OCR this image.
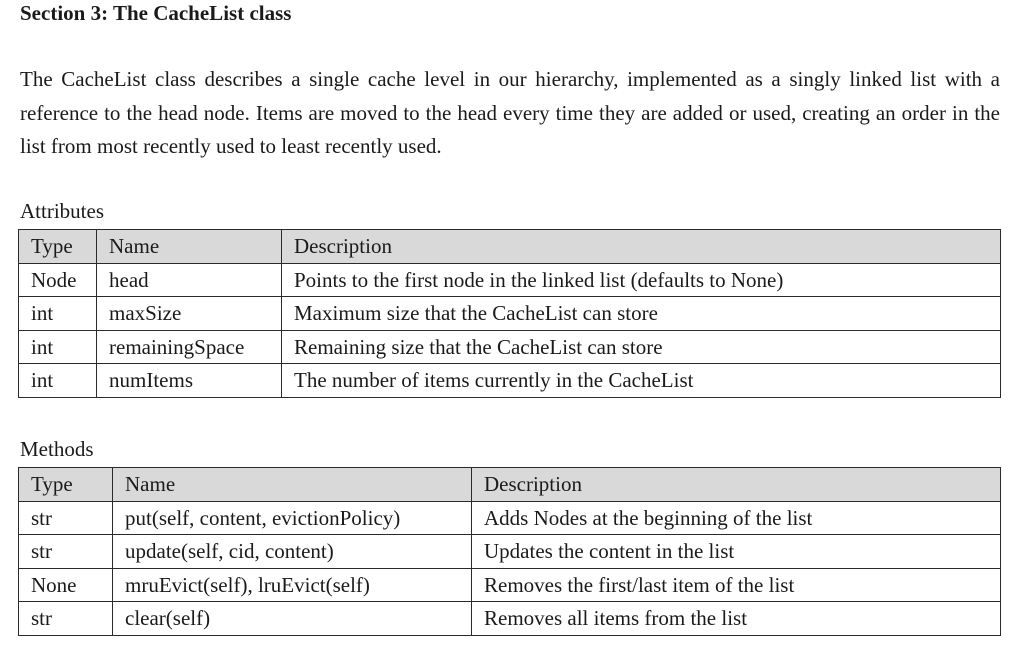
Section 3: The CacheList class

The CacheList class describes a single cache level in our hierarchy, implemented as a singly linked list with a reference to the head node. Items are moved to the head every time they are added or used, creating an order in the list from most recently used to least recently used.

Attributes
Type	Name	Description
Node	head	Points to the first node in the linked list (defaults to None)
int	maxSize	Maximum size that the CacheList can store
int	remainingSpace	Remaining size that the CacheList can store
int	numItems	The number of items currently in the CacheList
Methods
Type	Name	Description
str	put(self, content, evictionPolicy)	Adds Nodes at the beginning of the list
str	update(self, cid, content)	Updates the content in the list
None	mruEvict(self), lruEvict(self)	Removes the first/last item of the list
str	clear(self)	Removes all items from the list
